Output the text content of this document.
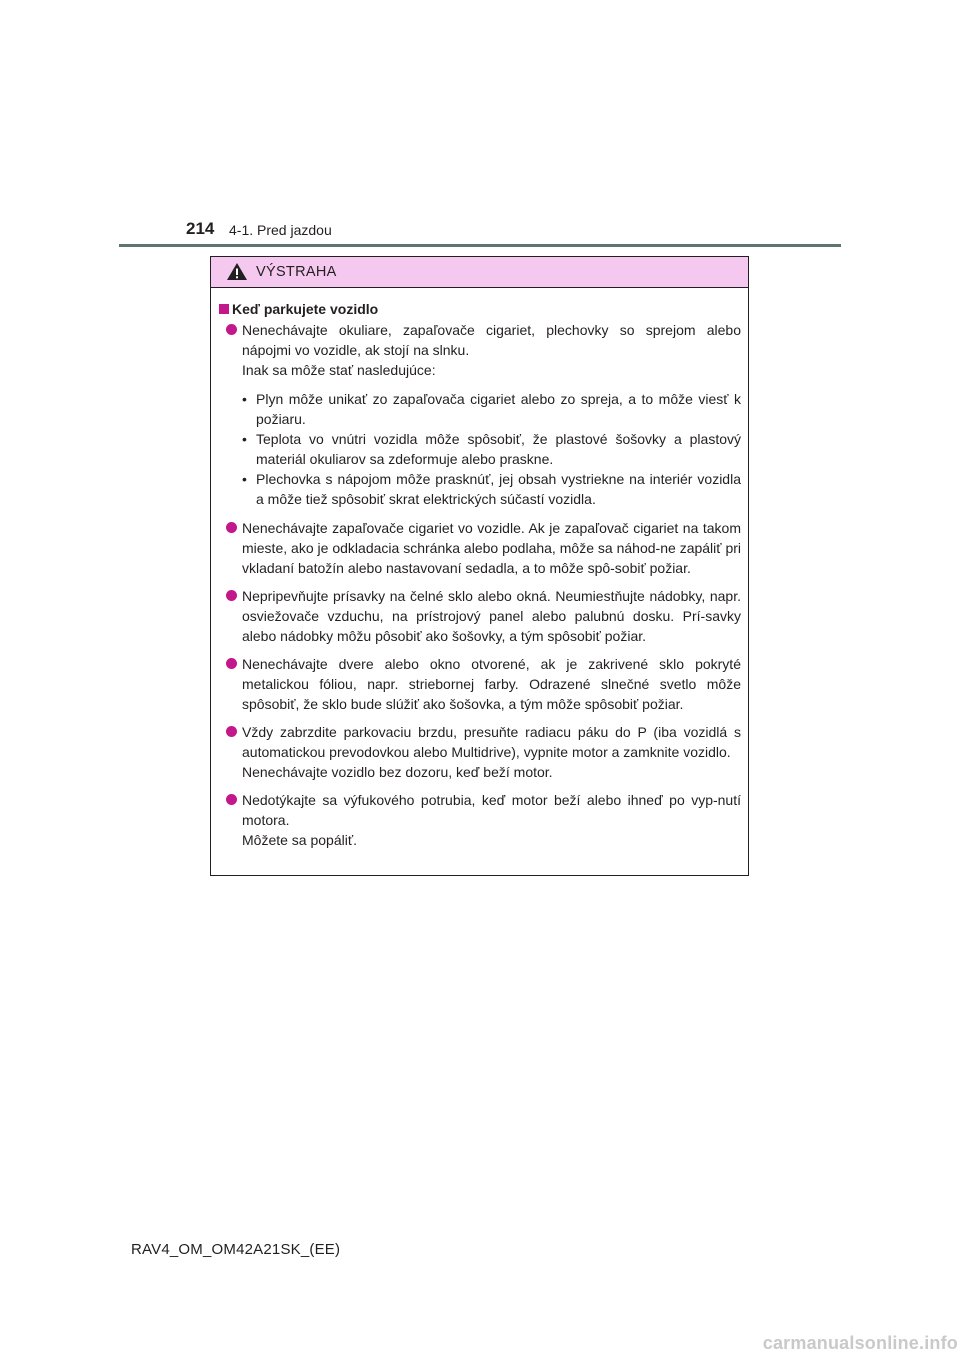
214 4-1. Pred jazdou
VÝSTRAHA
Keď parkujete vozidlo
Nenechávajte okuliare, zapaľovače cigariet, plechovky so sprejom alebo nápojmi vo vozidle, ak stojí na slnku.
Inak sa môže stať nasledujúce:
• Plyn môže unikať zo zapaľovača cigariet alebo zo spreja, a to môže viesť k požiaru.
• Teplota vo vnútri vozidla môže spôsobiť, že plastové šošovky a plastový materiál okuliarov sa zdeformuje alebo praskne.
• Plechovka s nápojom môže prasknúť, jej obsah vystriekne na interiér vozidla a môže tiež spôsobiť skrat elektrických súčastí vozidla.
Nenechávajte zapaľovače cigariet vo vozidle. Ak je zapaľovač cigariet na takom mieste, ako je odkladacia schránka alebo podlaha, môže sa náhod-ne zapáliť pri vkladaní batožín alebo nastavovaní sedadla, a to môže spô-sobiť požiar.
Nepripevňujte prísavky na čelné sklo alebo okná. Neumiestňujte nádobky, napr. osviežovače vzduchu, na prístrojový panel alebo palubnú dosku. Prí-savky alebo nádobky môžu pôsobiť ako šošovky, a tým spôsobiť požiar.
Nenechávajte dvere alebo okno otvorené, ak je zakrivené sklo pokryté metalickou fóliou, napr. striebornej farby. Odrazené slnečné svetlo môže spôsobiť, že sklo bude slúžiť ako šošovka, a tým môže spôsobiť požiar.
Vždy zabrzdite parkovaciu brzdu, presuňte radiacu páku do P (iba vozidlá s automatickou prevodovkou alebo Multidrive), vypnite motor a zamknite vozidlo.
Nenechávajte vozidlo bez dozoru, keď beží motor.
Nedotýkajte sa výfukového potrubia, keď motor beží alebo ihneď po vyp-nutí motora.
Môžete sa popáliť.
RAV4_OM_OM42A21SK_(EE)
carmanualsonline.info
